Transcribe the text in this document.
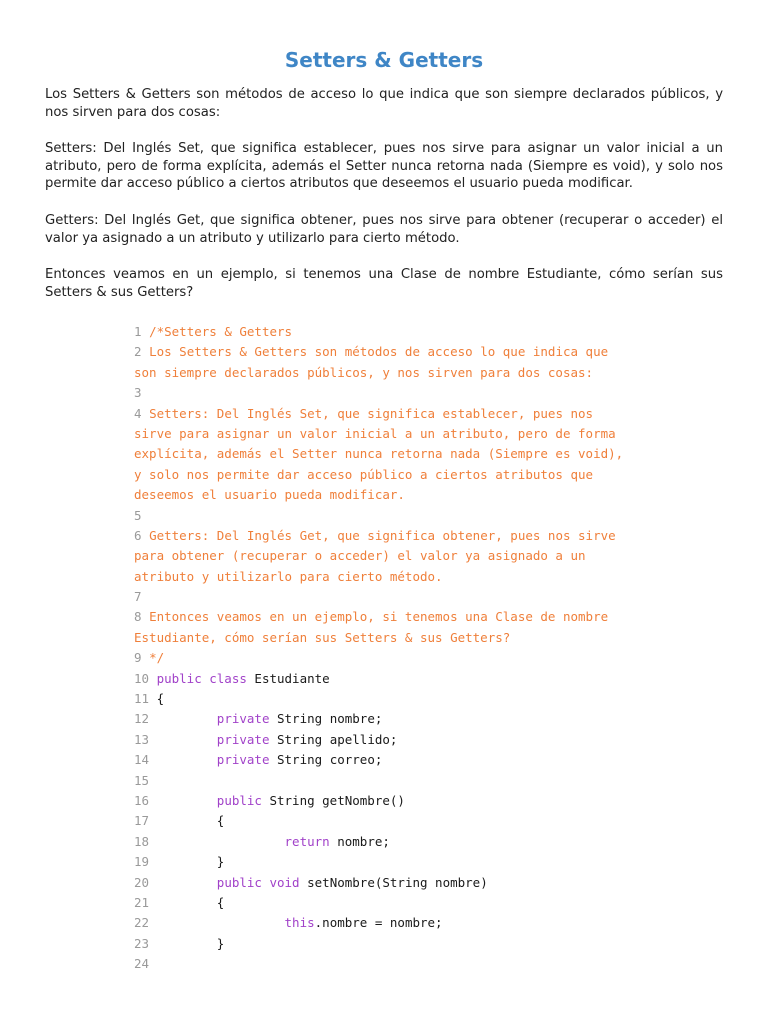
Setters & Getters

Los Setters & Getters son métodos de acceso lo que indica que son siempre declarados públicos, y nos sirven para dos cosas:

Setters: Del Inglés Set, que significa establecer, pues nos sirve para asignar un valor inicial a un atributo, pero de forma explícita, además el Setter nunca retorna nada (Siempre es void), y solo nos permite dar acceso público a ciertos atributos que deseemos el usuario pueda modificar.

Getters: Del Inglés Get, que significa obtener, pues nos sirve para obtener (recuperar o acceder) el valor ya asignado a un atributo y utilizarlo para cierto método.

Entonces veamos en un ejemplo, si tenemos una Clase de nombre Estudiante, cómo serían sus Setters & sus Getters?

1 /*Setters & Getters
2 Los Setters & Getters son métodos de acceso lo que indica que
son siempre declarados públicos, y nos sirven para dos cosas:
3
4 Setters: Del Inglés Set, que significa establecer, pues nos
sirve para asignar un valor inicial a un atributo, pero de forma
explícita, además el Setter nunca retorna nada (Siempre es void),
y solo nos permite dar acceso público a ciertos atributos que
deseemos el usuario pueda modificar.
5
6 Getters: Del Inglés Get, que significa obtener, pues nos sirve
para obtener (recuperar o acceder) el valor ya asignado a un
atributo y utilizarlo para cierto método.
7
8 Entonces veamos en un ejemplo, si tenemos una Clase de nombre
Estudiante, cómo serían sus Setters & sus Getters?
9 */
10 public class Estudiante
11 {
12	private String nombre;
13	private String apellido;
14	private String correo;
15
16	public String getNombre()
17         {
18	return nombre;
19         }
20	public void setNombre(String nombre)
21         {
22	this.nombre = nombre;
23         }
24
